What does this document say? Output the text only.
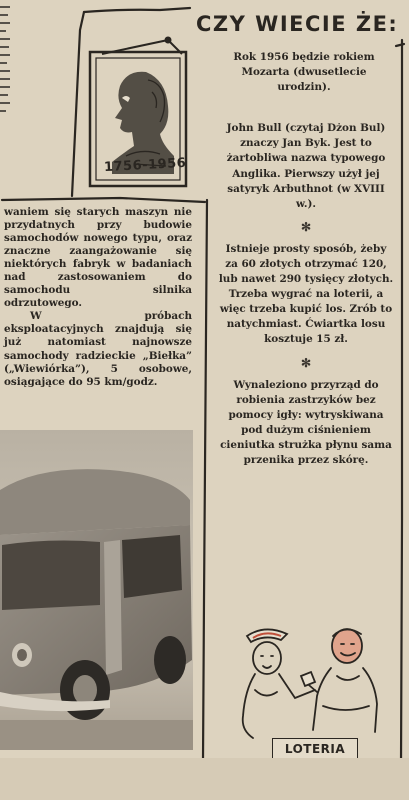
waniem się starych maszyn nie przydatnych przy budowie samochodów nowego typu, oraz znaczne zaangażowanie się niektórych fabryk w badaniach nad zastosowaniem do samochodu silnika odrzutowego.

W próbach eksploatacyjnych znajdują się już natomiast najnowsze samochody radzieckie „Biełka” („Wiewiórka”), 5 osobowe, osiągające do 95 km/godz.

CZY WIECIE ŻE:
1756-1956

Rok 1956 będzie rokiem Mozarta (dwusetlecie urodzin).

John Bull (czytaj Dżon Bul) znaczy Jan Byk. Jest to żartobliwa nazwa typowego Anglika. Pierwszy użył jej satyryk Arbuthnot (w XVIII w.).

✻

Istnieje prosty sposób, żeby za 60 złotych otrzymać 120, lub nawet 290 tysięcy złotych. Trzeba wygrać na loterii, a więc trzeba kupić los. Zrób to natychmiast. Ćwiartka losu kosztuje 15 zł.

✻

Wynaleziono przyrząd do robienia zastrzyków bez pomocy igły: wytryskiwana pod dużym ciśnieniem cieniutka strużka płynu sama przenika przez skórę.

LOTERIA
